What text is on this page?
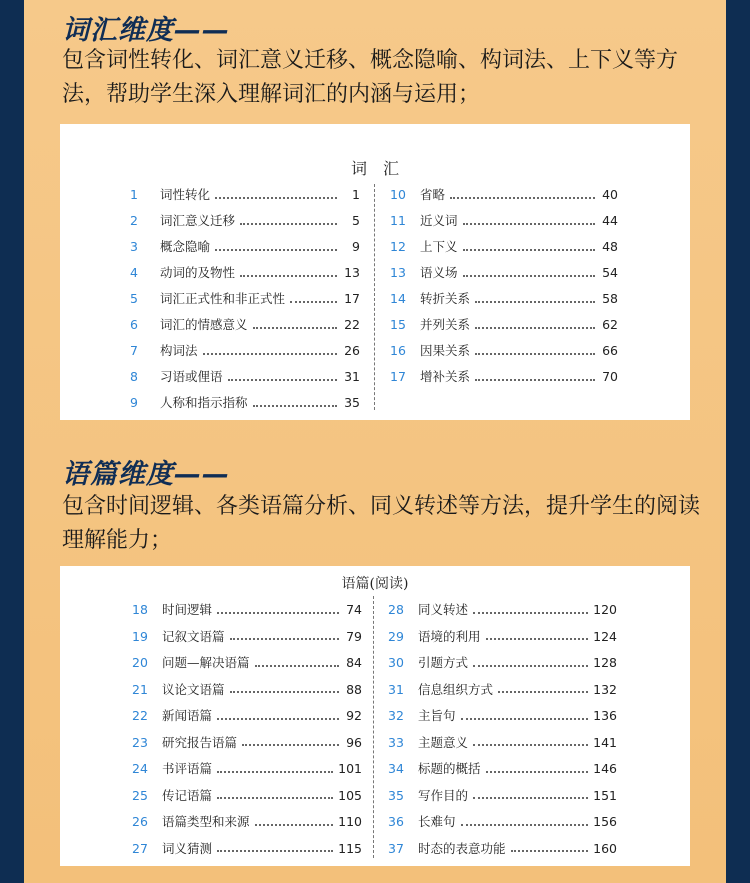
词汇维度——
包含词性转化、词汇意义迁移、概念隐喻、构词法、上下义等方法，帮助学生深入理解词汇的内涵与运用；
词　汇
1	词性转化	1
2	词汇意义迁移	5
3	概念隐喻	9
4	动词的及物性	13
5	词汇正式性和非正式性	17
6	词汇的情感意义	22
7	构词法	26
8	习语或俚语	31
9	人称和指示指称	35
10	省略	40
11	近义词	44
12	上下义	48
13	语义场	54
14	转折关系	58
15	并列关系	62
16	因果关系	66
17	增补关系	70
语篇维度——
包含时间逻辑、各类语篇分析、同义转述等方法，提升学生的阅读理解能力；
语篇(阅读)
18	时间逻辑	74
19	记叙文语篇	79
20	问题—解决语篇	84
21	议论文语篇	88
22	新闻语篇	92
23	研究报告语篇	96
24	书评语篇	101
25	传记语篇	105
26	语篇类型和来源	110
27	词义猜测	115
28	同义转述	120
29	语境的利用	124
30	引题方式	128
31	信息组织方式	132
32	主旨句	136
33	主题意义	141
34	标题的概括	146
35	写作目的	151
36	长难句	156
37	时态的表意功能	160
